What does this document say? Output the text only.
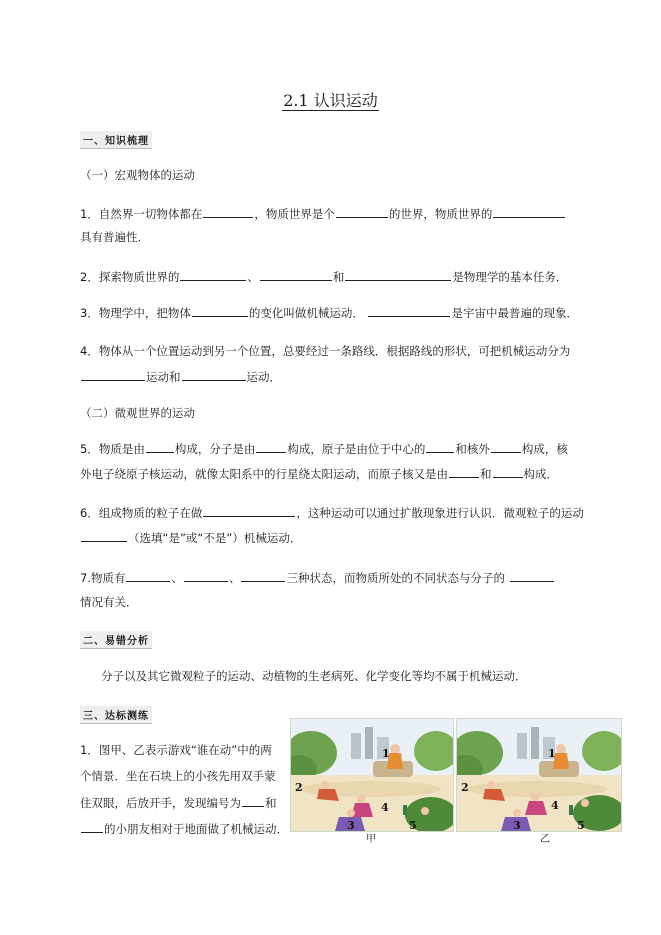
2.1 认识运动
一、知识梳理
（一）宏观物体的运动
1．自然界一切物体都在	，物质世界是个	的世界，物质世界的
具有普遍性．
2．探索物质世界的	、	和	是物理学的基本任务．
3．物理学中，把物体	的变化叫做机械运动．	是宇宙中最普遍的现象．
4．物体从一个位置运动到另一个位置，总要经过一条路线．根据路线的形状，可把机械运动分为
运动和	运动．
（二）微观世界的运动
5．物质是由	构成，分子是由	构成，原子是由位于中心的	和核外	构成，核
外电子绕原子核运动，就像太阳系中的行星绕太阳运动，而原子核又是由	和	构成．
6．组成物质的粒子在做	，这种运动可以通过扩散现象进行认识．微观粒子的运动
（选填“是”或“不是”）机械运动．
7.物质有	、	、	三种状态，而物质所处的不同状态与分子的
情况有关．
二、易错分析
分子以及其它微观粒子的运动、动植物的生老病死、化学变化等均不属于机械运动．
三、达标测练
1．图甲、乙表示游戏“谁在动”中的两
个情景．坐在石块上的小孩先用双手蒙
住双眼，后放开手，发现编号为 和
的小朋友相对于地面做了机械运动．
1
2
3
4
5
甲
1
2
3
4
5
乙
